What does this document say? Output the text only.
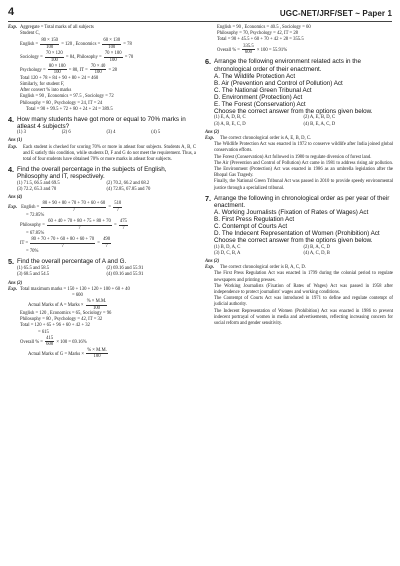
4	UGC-NET/JRF/SET ~ Paper 1
Exp. Aggregate = Total marks of all subjects
Student C,
English = $\frac{80 \times 150}{100} = 120$ , Economics = $\frac{60 \times 130}{100} = 78$
Sociology = $\frac{70 \times 120}{100} = 84$, Philosophy = $\frac{70 \times 100}{100} = 70$
Psychology = $\frac{80 \times 100}{100} = 80$, IT = $\frac{70 \times 40}{100} = 28$
Total 120 + 78 + 84 + 90 + 80 + 24 = 460
Similarly, for student F,
After convert % into marks
English = 90 , Economics = 97.5 , Sociology = 72
Philosophy = 80 , Psychology = 24, IT = 24
Total = 90 + 99.5 + 72 + 80 + 24 + 24 = 389.5
4. How many students have got more or equal to 70% marks in atleast 4 subjects?
(1) 3	(2) 6	(3) 4	(4) 5
Ans (1)
Exp. Each student is checked for scoring 70% or more in atleast four subjects. Students A, B, C and E satisfy this condition, while students D, F and G do not meet the requirement. Thus, a total of four students have obtained 70% or more marks in atleast four subjects.

4. Find the overall percentage in the subjects of English, Philosophy and IT, respectively.
(1) 71.5, 66.5 and 69.5	(2) 70.2, 66.2 and 68.2
(3) 72.2, 65.3 and 70	(4) 72.85, 67.85 and 70
Ans (4)
Exp. English = $\frac{80 + 90 + 80 + 70 + 70 + 60 + 60}{7} = \frac{510}{7}$
= 72.85%
Philosophy = $\frac{60 + 40 + 70 + 80 + 75 + 80 + 70}{7} = \frac{475}{7}$
= 67.85%
IT = $\frac{80 + 70 + 70 + 60 + 80 + 60 + 70}{7} = \frac{490}{7}$
= 70%
5. Find the overall percentage of A and G.
(1) 65.5 and 58.5	(2) 69.16 and 55.91
(3) 68.5 and 54.5	(4) 69.16 and 55.91
Ans (2)
Exp. Total maximum marks = 150 + 130 + 120 + 100 + 60 + 40
= 600
Actual Marks of A = Marks × $\frac{\% \times M.M.}{100}$
English = 120 , Economics = 65, Sociology = 96
Philosophy = 80 , Psychology = 42, IT = 32
Total = 120 + 65 + 96 + 60 + 42 + 32
= 615
Overall % = $\frac{415}{600} \times 100 = 69.16\%$
Actual Marks of G = Marks × $\frac{\% \times M.M.}{100}$
English = 90 , Economics = 40.5 , Sociology = 60
Philosophy = 70, Psychology = 42, IT = 28
Total = 90 + 45.5 + 60 + 70 + 42 + 28 = 355.5
Overall % = $\frac{335.5}{600} \times 100 = 55.91\%$
6. Arrange the following environment related acts in the chronological order of their enactment.
A. The Wildlife Protection Act
B. Air (Prevention and Control of Pollution) Act
C. The National Green Tribunal Act
D. Environment (Protection) Act
E. The Forest (Conservation) Act
Choose the correct answer from the options given below.
(1) E, A, D, B, C	(2) A, E, B, D, C
(3) A, B, E, C, D	(4) B, E, A, C, D
Ans (2)
Exp. The correct chronological order is A, E, B, D, C.

The Wildlife Protection Act was enacted in 1972 to conserve wildlife after India joined global conservation efforts.

The Forest (Conservation) Act followed in 1980 to regulate diversion of forest land.

The Air (Prevention and Control of Pollution) Act came in 1981 to address rising air pollution. The Environment (Protection) Act was enacted in 1986 as an umbrella legislation after the Bhopal Gas Tragedy.

Finally, the National Green Tribunal Act was passed in 2010 to provide speedy environmental justice through a specialized tribunal.

7. Arrange the following in chronological order as per year of their enactment.
A. Working Journalists (Fixation of Rates of Wages) Act
B. First Press Regulation Act
C. Contempt of Courts Act
D. The Indecent Representation of Women (Prohibition) Act
Choose the correct answer from the options given below.
(1) B, D, A, C	(2) B, A, C, D
(3) D, C, B, A	(4) A, C, D, B
Ans (2)
Exp. The correct chronological order is B, A, C, D.

The First Press Regulation Act was enacted in 1799 during the colonial period to regulate newspapers and printing presses.

The Working Journalists (Fixation of Rates of Wages) Act was passed in 1958 after independence to protect journalists' wages and working conditions.

The Contempt of Courts Act was introduced in 1971 to define and regulate contempt of judicial authority.

The Indecent Representation of Women (Prohibition) Act was enacted in 1986 to prevent indecent portrayal of women in media and advertisements, reflecting increasing concern for social reform and gender sensitivity.
